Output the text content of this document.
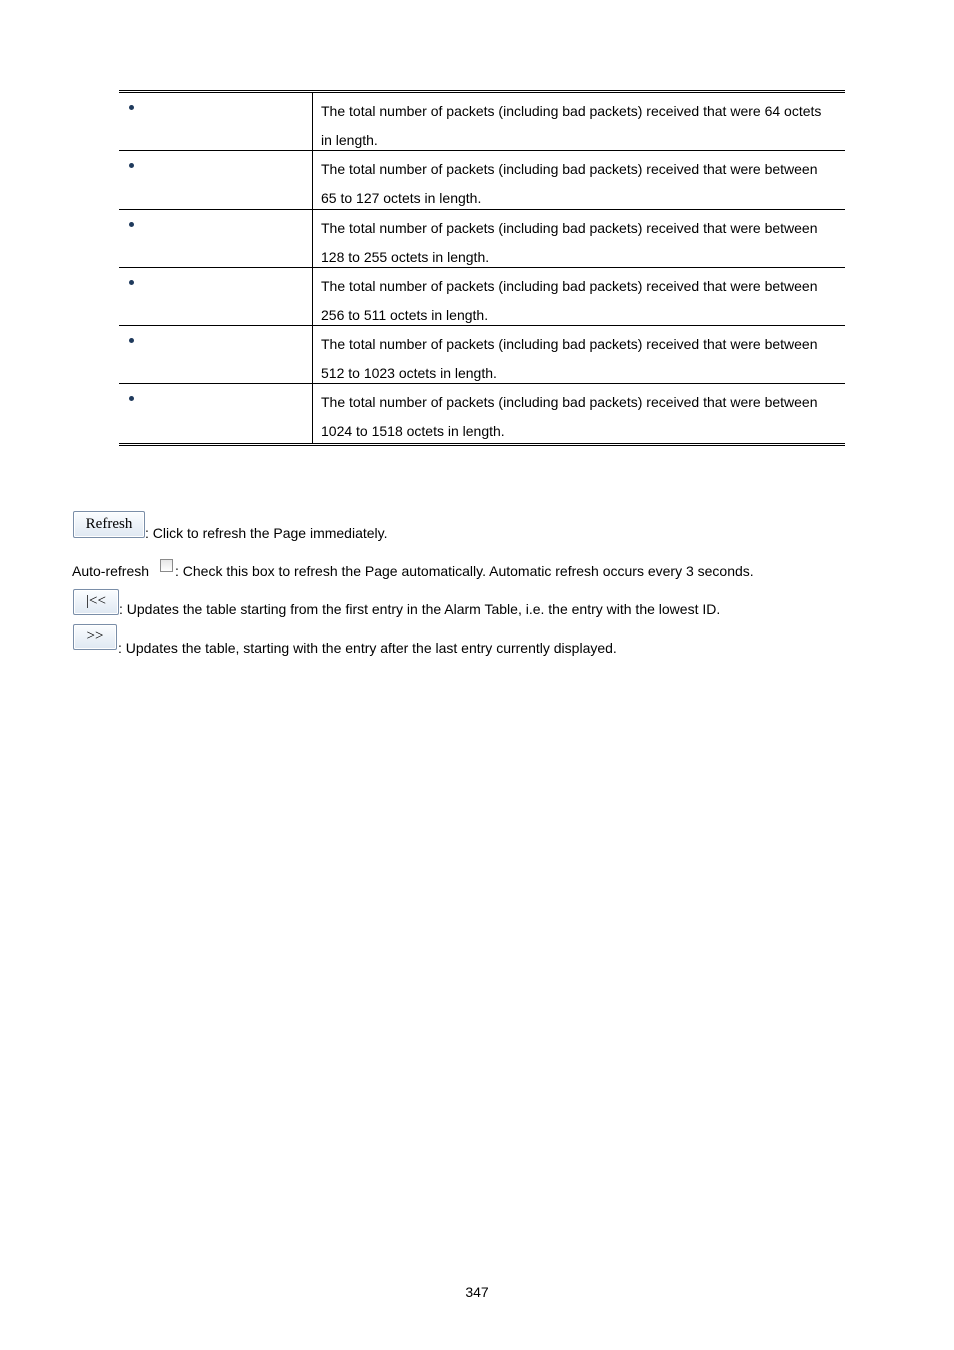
The total number of packets (including bad packets) received that were 64 octets
in length.
The total number of packets (including bad packets) received that were between
65 to 127 octets in length.
The total number of packets (including bad packets) received that were between
128 to 255 octets in length.
The total number of packets (including bad packets) received that were between
256 to 511 octets in length.
The total number of packets (including bad packets) received that were between
512 to 1023 octets in length.
The total number of packets (including bad packets) received that were between
1024 to 1518 octets in length.
Refresh
: Click to refresh the Page immediately.
Auto-refresh : Check this box to refresh the Page automatically. Automatic refresh occurs every 3 seconds.
|<< : Updates the table starting from the first entry in the Alarm Table, i.e. the entry with the lowest ID.
>>
: Updates the table, starting with the entry after the last entry currently displayed.
347
